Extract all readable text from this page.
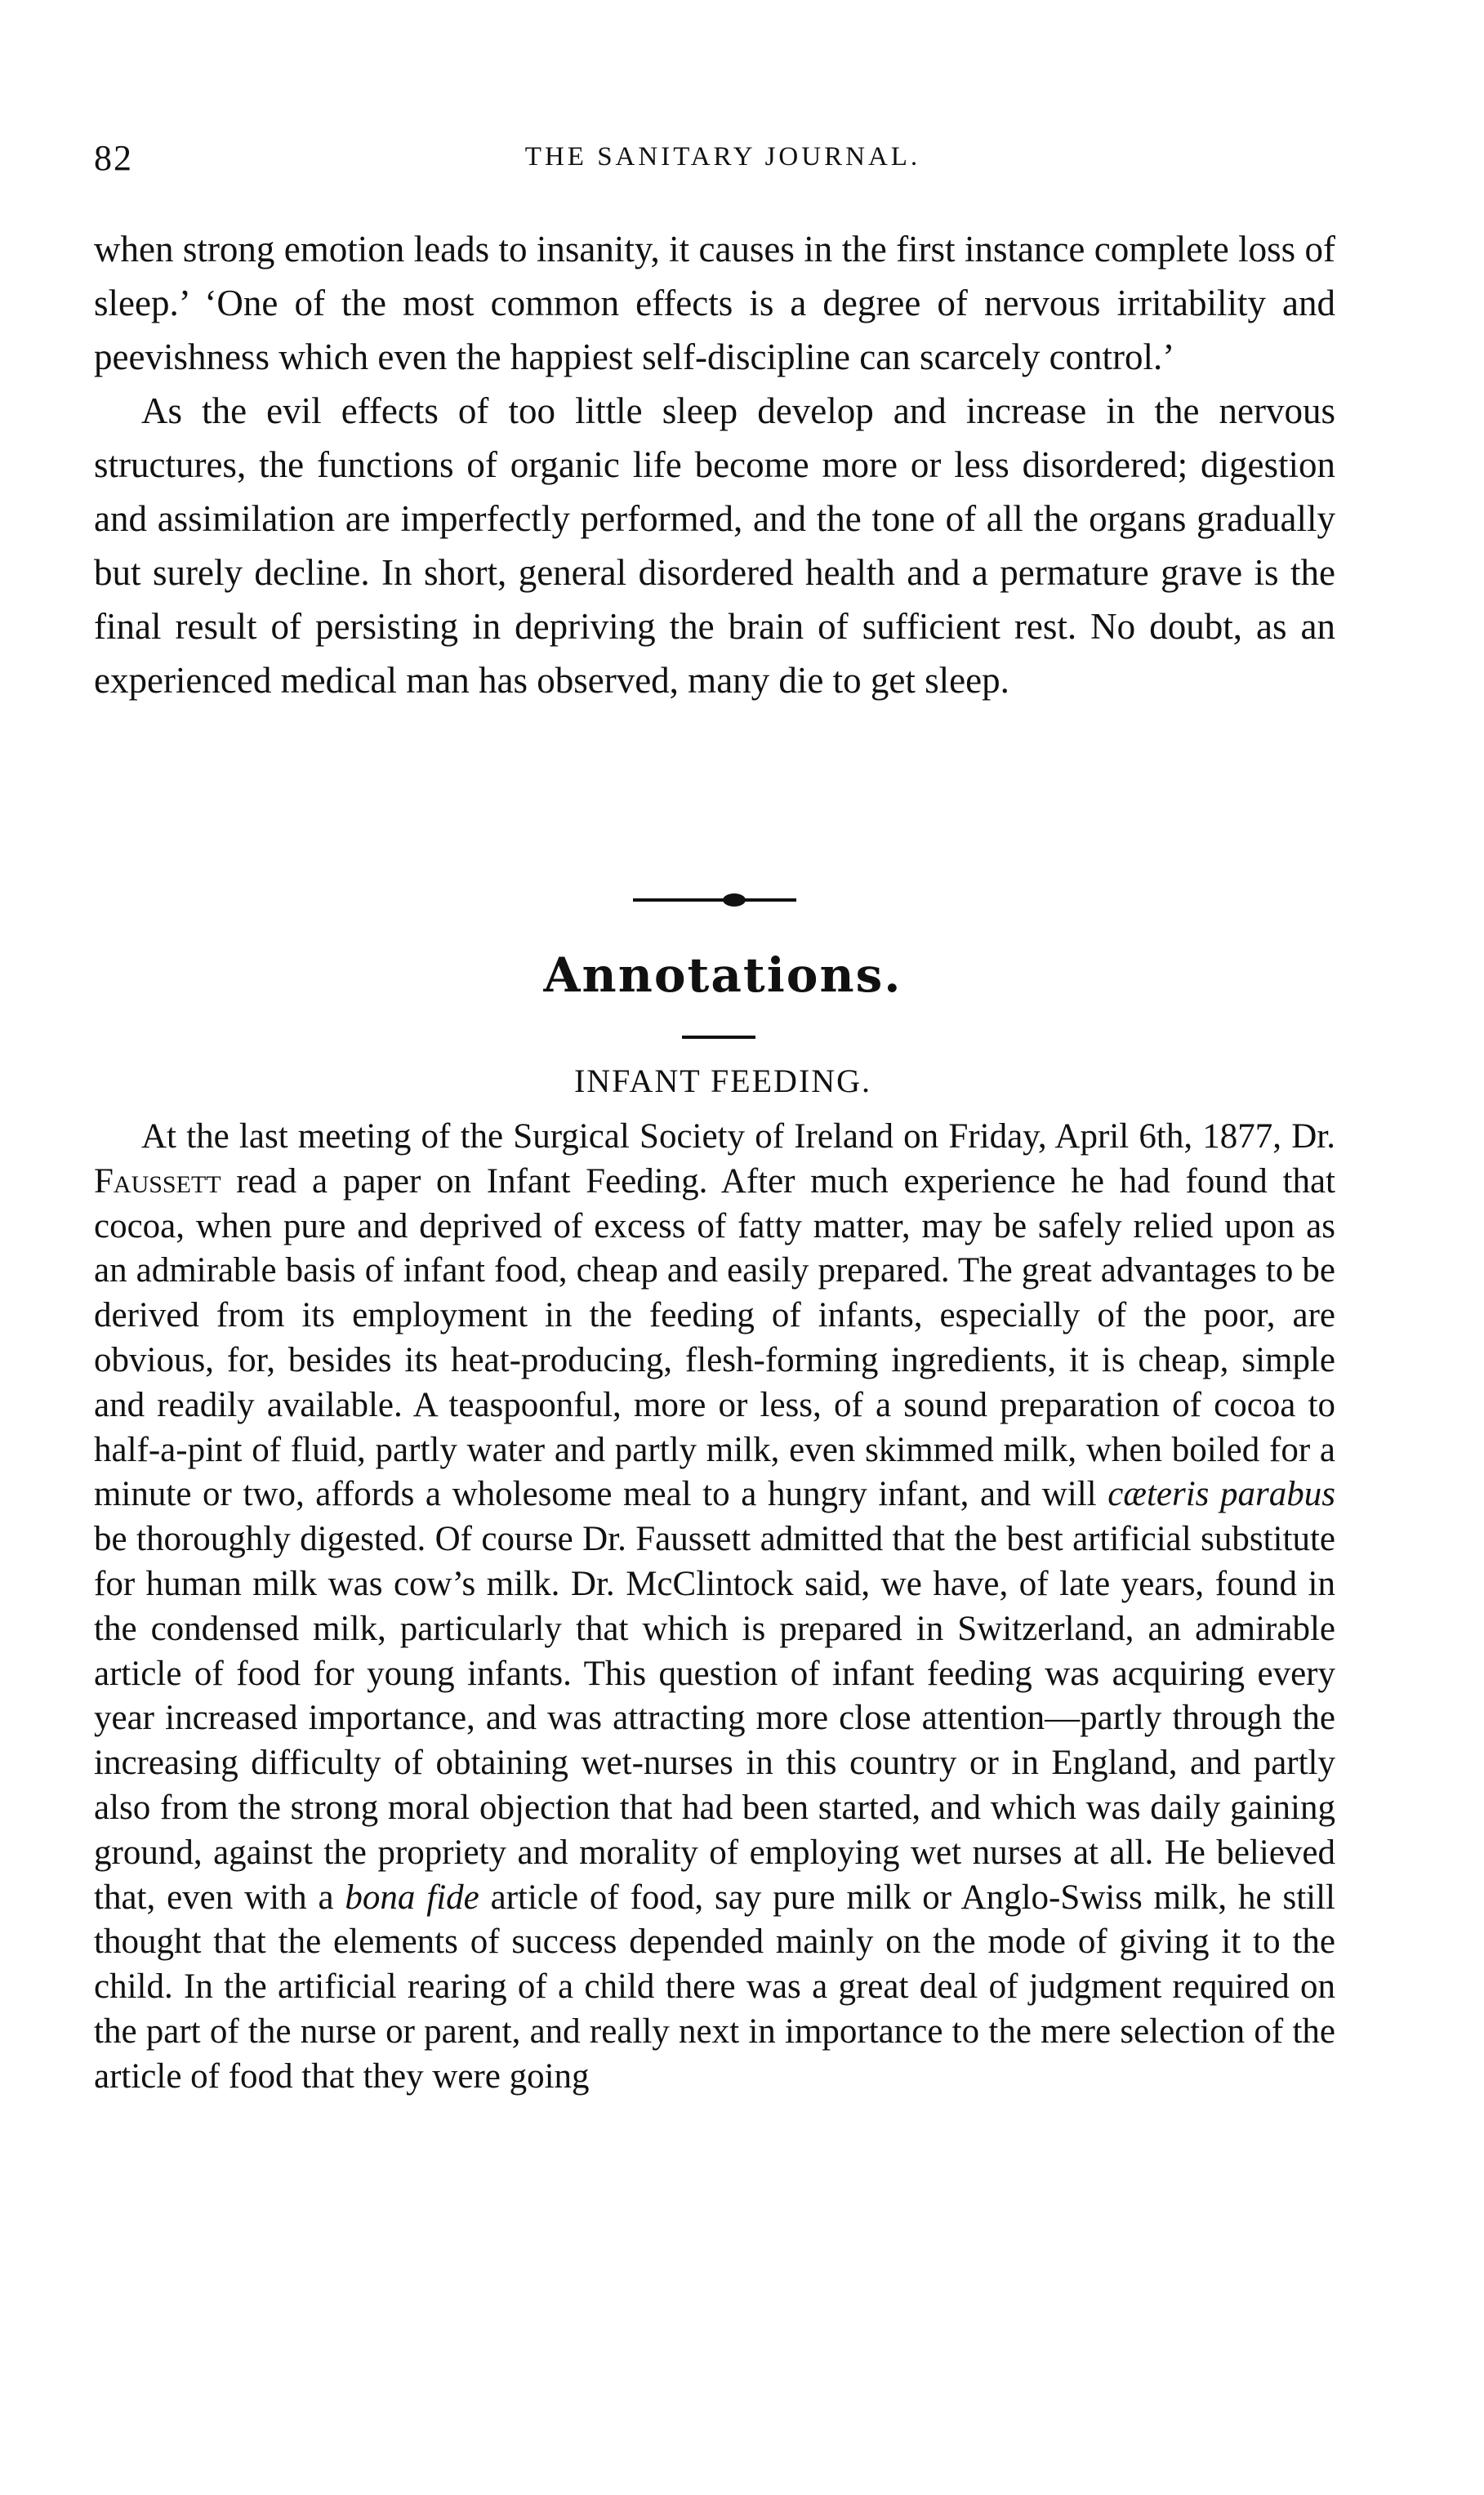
82	THE SANITARY JOURNAL.

when strong emotion leads to insanity, it causes in the first instance complete loss of sleep.’ ‘One of the most common effects is a degree of nervous irritability and peevishness which even the happiest self-discipline can scarcely control.’

As the evil effects of too little sleep develop and increase in the nervous structures, the functions of organic life become more or less disordered; digestion and assimilation are imperfectly performed, and the tone of all the organs gradually but surely decline. In short, general disordered health and a permature grave is the final result of persisting in depriving the brain of sufficient rest. No doubt, as an experienced medical man has observed, many die to get sleep.

Annotations.
INFANT FEEDING.

At the last meeting of the Surgical Society of Ireland on Friday, April 6th, 1877, Dr. Faussett read a paper on Infant Feeding. After much experience he had found that cocoa, when pure and deprived of excess of fatty matter, may be safely relied upon as an admirable basis of infant food, cheap and easily prepared. The great advantages to be derived from its employment in the feeding of infants, especially of the poor, are obvious, for, besides its heat-producing, flesh-forming ingredients, it is cheap, simple and readily available. A teaspoonful, more or less, of a sound preparation of cocoa to half-a-pint of fluid, partly water and partly milk, even skimmed milk, when boiled for a minute or two, affords a wholesome meal to a hungry infant, and will cæteris parabus be thoroughly digested. Of course Dr. Faussett admitted that the best artificial substitute for human milk was cow’s milk. Dr. McClintock said, we have, of late years, found in the condensed milk, particularly that which is prepared in Switzerland, an admirable article of food for young infants. This question of infant feeding was acquiring every year increased importance, and was attracting more close attention—partly through the increasing difficulty of obtaining wet-nurses in this country or in England, and partly also from the strong moral objection that had been started, and which was daily gaining ground, against the propriety and morality of employing wet nurses at all. He believed that, even with a bona fide article of food, say pure milk or Anglo-Swiss milk, he still thought that the elements of success depended mainly on the mode of giving it to the child. In the artificial rearing of a child there was a great deal of judgment required on the part of the nurse or parent, and really next in importance to the mere selection of the article of food that they were going
